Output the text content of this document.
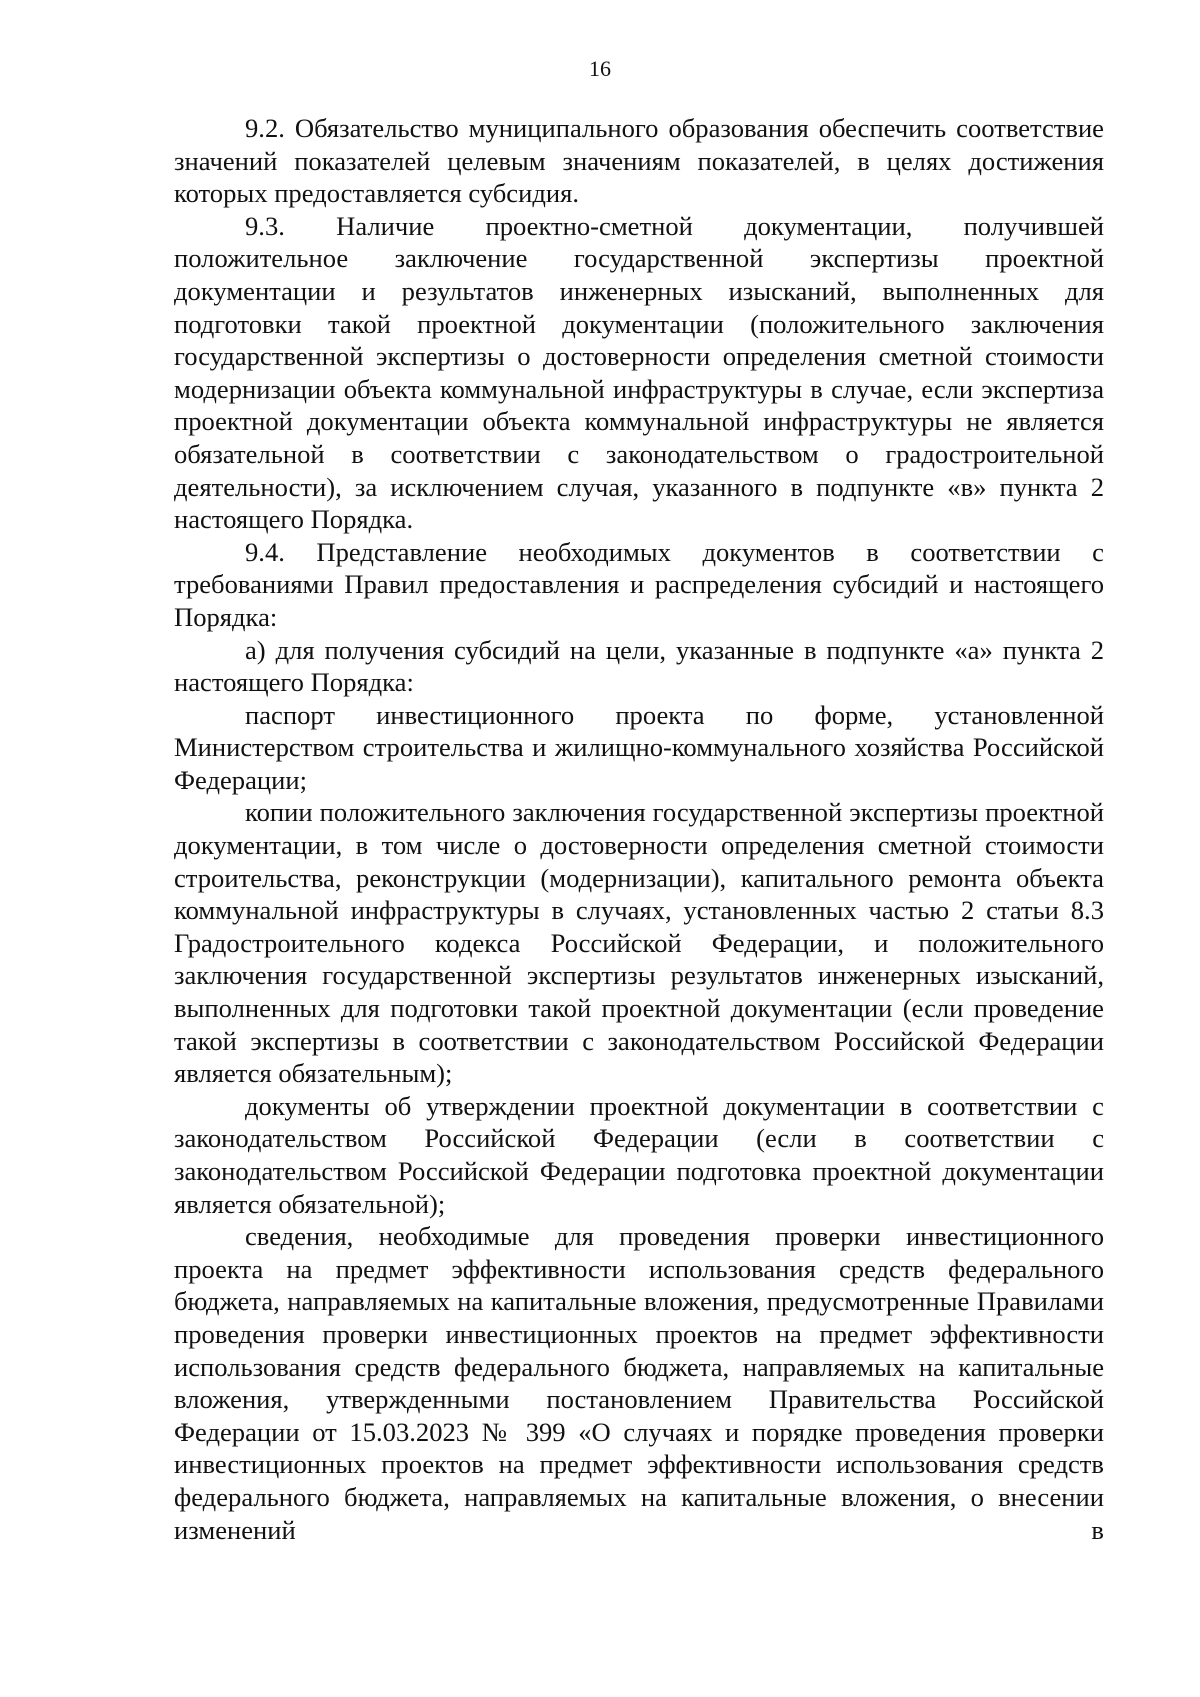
16

9.2. Обязательство муниципального образования обеспечить соответствие значений показателей целевым значениям показателей, в целях достижения которых предоставляется субсидия.

9.3. Наличие проектно-сметной документации, получившей положительное заключение государственной экспертизы проектной документации и результатов инженерных изысканий, выполненных для подготовки такой проектной документации (положительного заключения государственной экспертизы о достоверности определения сметной стоимости модернизации объекта коммунальной инфраструктуры в случае, если экспертиза проектной документации объекта коммунальной инфраструктуры не является обязательной в соответствии с законодательством о градостроительной деятельности), за исключением случая, указанного в подпункте «в» пункта 2 настоящего Порядка.

9.4. Представление необходимых документов в соответствии с требованиями Правил предоставления и распределения субсидий и настоящего Порядка:

а) для получения субсидий на цели, указанные в подпункте «а» пункта 2 настоящего Порядка:

паспорт инвестиционного проекта по форме, установленной Министерством строительства и жилищно-коммунального хозяйства Российской Федерации;

копии положительного заключения государственной экспертизы проектной документации, в том числе о достоверности определения сметной стоимости строительства, реконструкции (модернизации), капитального ремонта объекта коммунальной инфраструктуры в случаях, установленных частью 2 статьи 8.3 Градостроительного кодекса Российской Федерации, и положительного заключения государственной экспертизы результатов инженерных изысканий, выполненных для подготовки такой проектной документации (если проведение такой экспертизы в соответствии с законодательством Российской Федерации является обязательным);

документы об утверждении проектной документации в соответствии с законодательством Российской Федерации (если в соответствии с законодательством Российской Федерации подготовка проектной документации является обязательной);

сведения, необходимые для проведения проверки инвестиционного проекта на предмет эффективности использования средств федерального бюджета, направляемых на капитальные вложения, предусмотренные Правилами проведения проверки инвестиционных проектов на предмет эффективности использования средств федерального бюджета, направляемых на капитальные вложения, утвержденными постановлением Правительства Российской Федерации от 15.03.2023 № 399 «О случаях и порядке проведения проверки инвестиционных проектов на предмет эффективности использования средств федерального бюджета, направляемых на капитальные вложения, о внесении изменений в
